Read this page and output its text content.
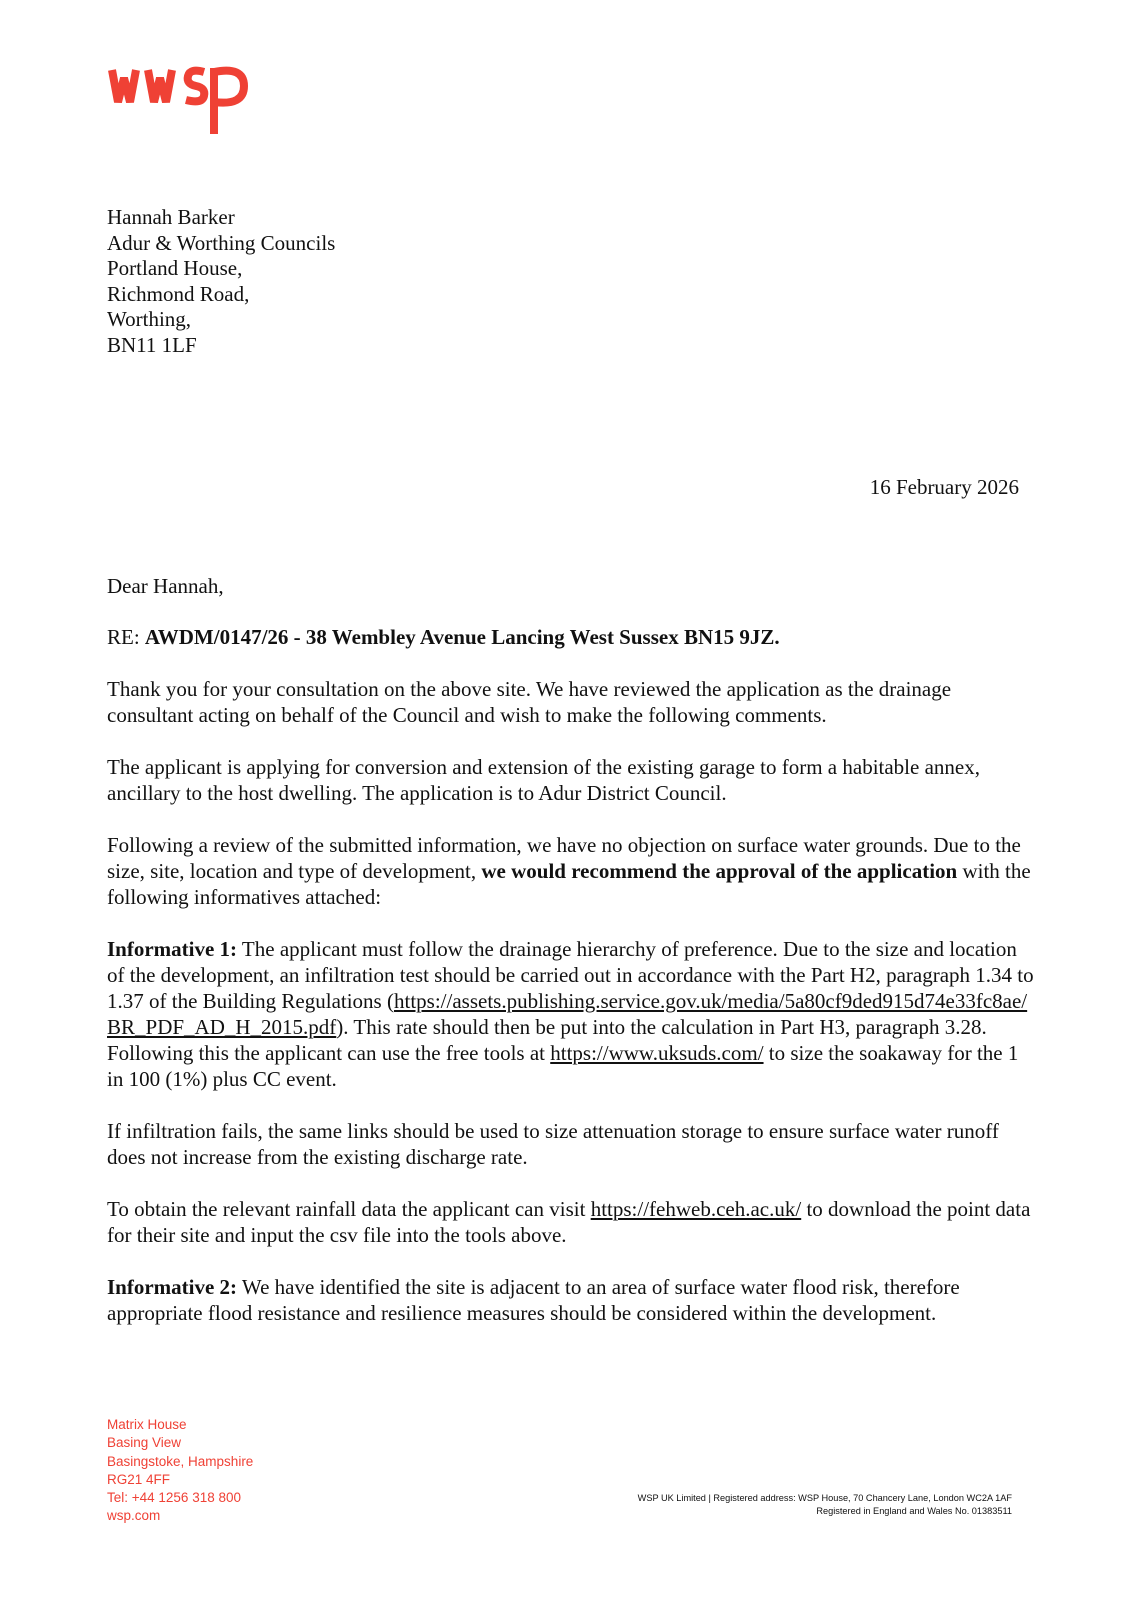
Hannah Barker
Adur & Worthing Councils
Portland House,
Richmond Road,
Worthing,
BN11 1LF
16 February 2026

Dear Hannah,

RE: AWDM/0147/26 - 38 Wembley Avenue Lancing West Sussex BN15 9JZ.

Thank you for your consultation on the above site. We have reviewed the application as the drainage consultant acting on behalf of the Council and wish to make the following comments.

The applicant is applying for conversion and extension of the existing garage to form a habitable annex, ancillary to the host dwelling. The application is to Adur District Council.

Following a review of the submitted information, we have no objection on surface water grounds. Due to the size, site, location and type of development, we would recommend the approval of the application with the following informatives attached:

Informative 1: The applicant must follow the drainage hierarchy of preference. Due to the size and location of the development, an infiltration test should be carried out in accordance with the Part H2, paragraph 1.34 to 1.37 of the Building Regulations (https://assets.publishing.service.gov.uk/media/5a80cf9ded915d74e33fc8ae/BR_PDF_AD_H_2015.pdf). This rate should then be put into the calculation in Part H3, paragraph 3.28. Following this the applicant can use the free tools at https://www.uksuds.com/ to size the soakaway for the 1 in 100 (1%) plus CC event.

If infiltration fails, the same links should be used to size attenuation storage to ensure surface water runoff does not increase from the existing discharge rate.

To obtain the relevant rainfall data the applicant can visit https://fehweb.ceh.ac.uk/ to download the point data for their site and input the csv file into the tools above.

Informative 2: We have identified the site is adjacent to an area of surface water flood risk, therefore appropriate flood resistance and resilience measures should be considered within the development.

Matrix House
Basing View
Basingstoke, Hampshire
RG21 4FF
Tel: +44 1256 318 800
wsp.com
WSP UK Limited | Registered address: WSP House, 70 Chancery Lane, London WC2A 1AF
Registered in England and Wales No. 01383511
